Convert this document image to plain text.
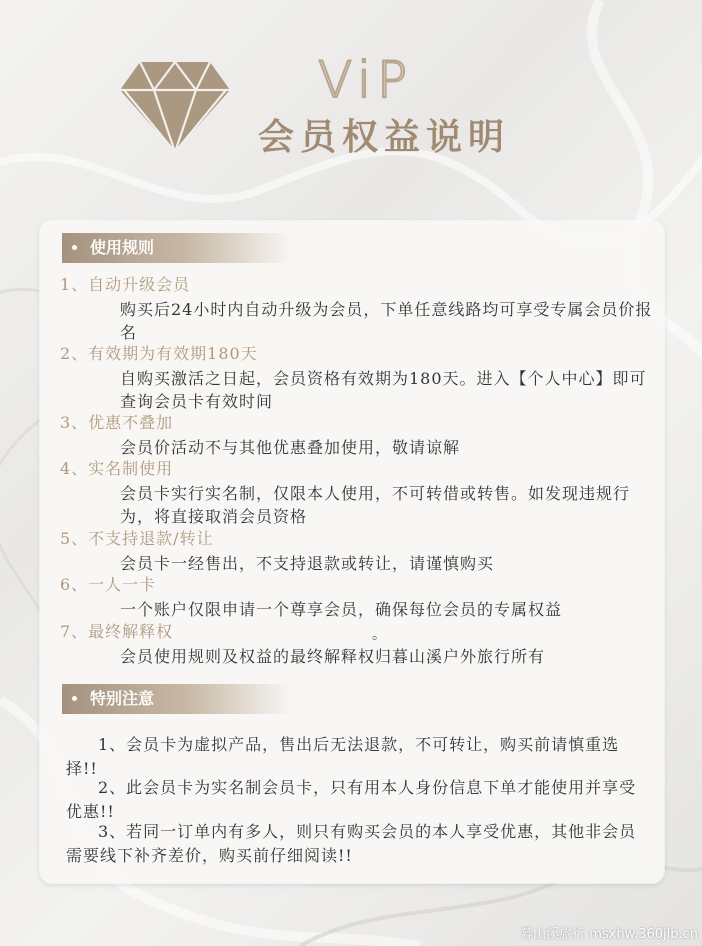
ViP
会员权益说明
使用规则
1、自动升级会员
购买后24小时内自动升级为会员，下单任意线路均可享受专属会员价报名
2、有效期为有效期180天
自购买激活之日起，会员资格有效期为180天。进入【个人中心】即可查询会员卡有效时间
3、优惠不叠加
会员价活动不与其他优惠叠加使用，敬请谅解
4、实名制使用
会员卡实行实名制，仅限本人使用，不可转借或转售。如发现违规行为，将直接取消会员资格
5、不支持退款/转让
会员卡一经售出，不支持退款或转让，请谨慎购买
6、一人一卡
一个账户仅限申请一个尊享会员，确保每位会员的专属权益
。
7、最终解释权
会员使用规则及权益的最终解释权归暮山溪户外旅行所有
特别注意
1、会员卡为虚拟产品，售出后无法退款，不可转让，购买前请慎重选择!!
2、此会员卡为实名制会员卡，只有用本人身份信息下单才能使用并享受优惠!!
3、若同一订单内有多人，则只有购买会员的本人享受优惠，其他非会员需要线下补齐差价，购买前仔细阅读!!
暮山溪旅行 msxhw.360jlb.cn
